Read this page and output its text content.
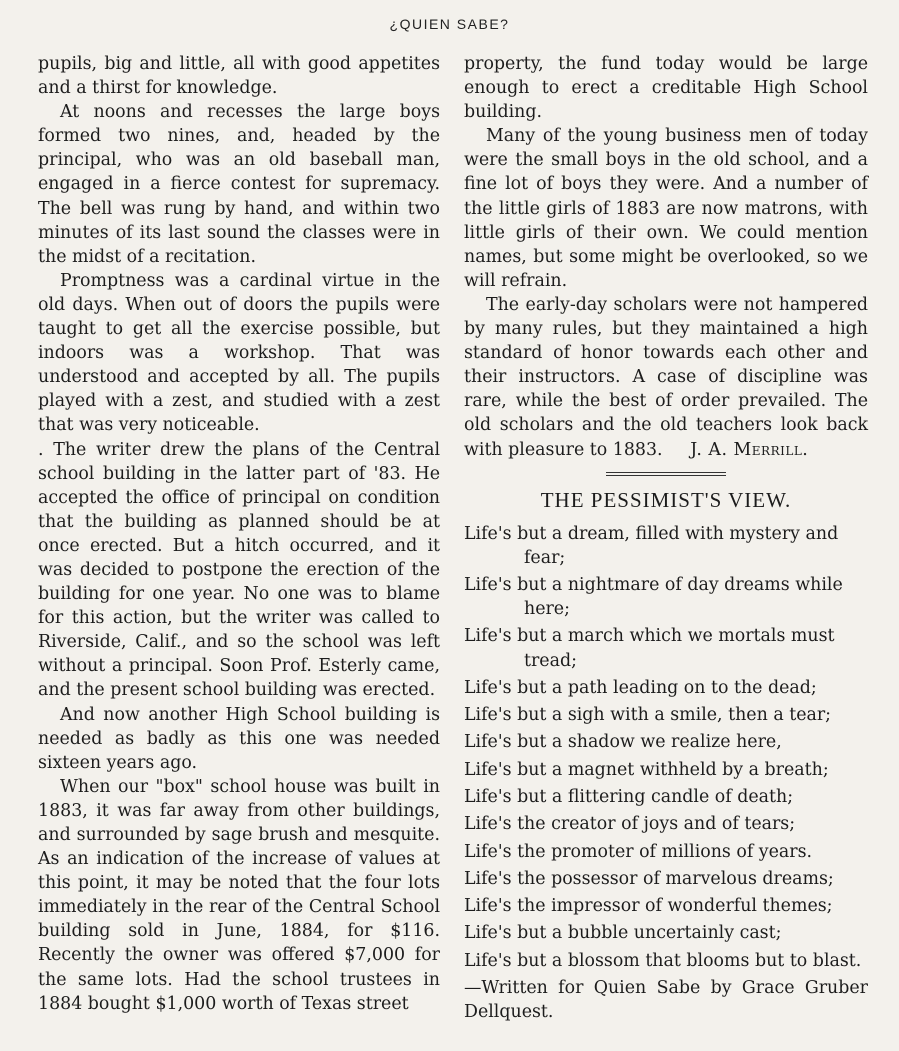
¿QUIEN SABE?

pupils, big and little, all with good appetites and a thirst for knowledge.

At noons and recesses the large boys formed two nines, and, headed by the principal, who was an old baseball man, engaged in a fierce contest for supremacy. The bell was rung by hand, and within two minutes of its last sound the classes were in the midst of a recitation.

Promptness was a cardinal virtue in the old days. When out of doors the pupils were taught to get all the exercise possible, but indoors was a workshop. That was understood and accepted by all. The pupils played with a zest, and studied with a zest that was very noticeable.

. The writer drew the plans of the Central school building in the latter part of '83. He accepted the office of principal on condition that the building as planned should be at once erected. But a hitch occurred, and it was decided to postpone the erection of the building for one year. No one was to blame for this action, but the writer was called to Riverside, Calif., and so the school was left without a principal. Soon Prof. Esterly came, and the present school building was erected.

And now another High School building is needed as badly as this one was needed sixteen years ago.

When our "box" school house was built in 1883, it was far away from other buildings, and surrounded by sage brush and mesquite. As an indication of the increase of values at this point, it may be noted that the four lots immediately in the rear of the Central School building sold in June, 1884, for $116. Recently the owner was offered $7,000 for the same lots. Had the school trustees in 1884 bought $1,000 worth of Texas street

property, the fund today would be large enough to erect a creditable High School building.

Many of the young business men of today were the small boys in the old school, and a fine lot of boys they were. And a number of the little girls of 1883 are now matrons, with little girls of their own. We could mention names, but some might be overlooked, so we will refrain.

The early-day scholars were not hampered by many rules, but they maintained a high standard of honor towards each other and their instructors. A case of discipline was rare, while the best of order prevailed. The old scholars and the old teachers look back with pleasure to 1883. J. A. Merrill.

THE PESSIMIST'S VIEW.
Life's but a dream, filled with mystery and
fear;
Life's but a nightmare of day dreams while
here;
Life's but a march which we mortals must
tread;
Life's but a path leading on to the dead;
Life's but a sigh with a smile, then a tear;
Life's but a shadow we realize here,
Life's but a magnet withheld by a breath;
Life's but a flittering candle of death;
Life's the creator of joys and of tears;
Life's the promoter of millions of years.
Life's the possessor of marvelous dreams;
Life's the impressor of wonderful themes;
Life's but a bubble uncertainly cast;
Life's but a blossom that blooms but to blast.

—Written for Quien Sabe by Grace Gruber Dellquest.
